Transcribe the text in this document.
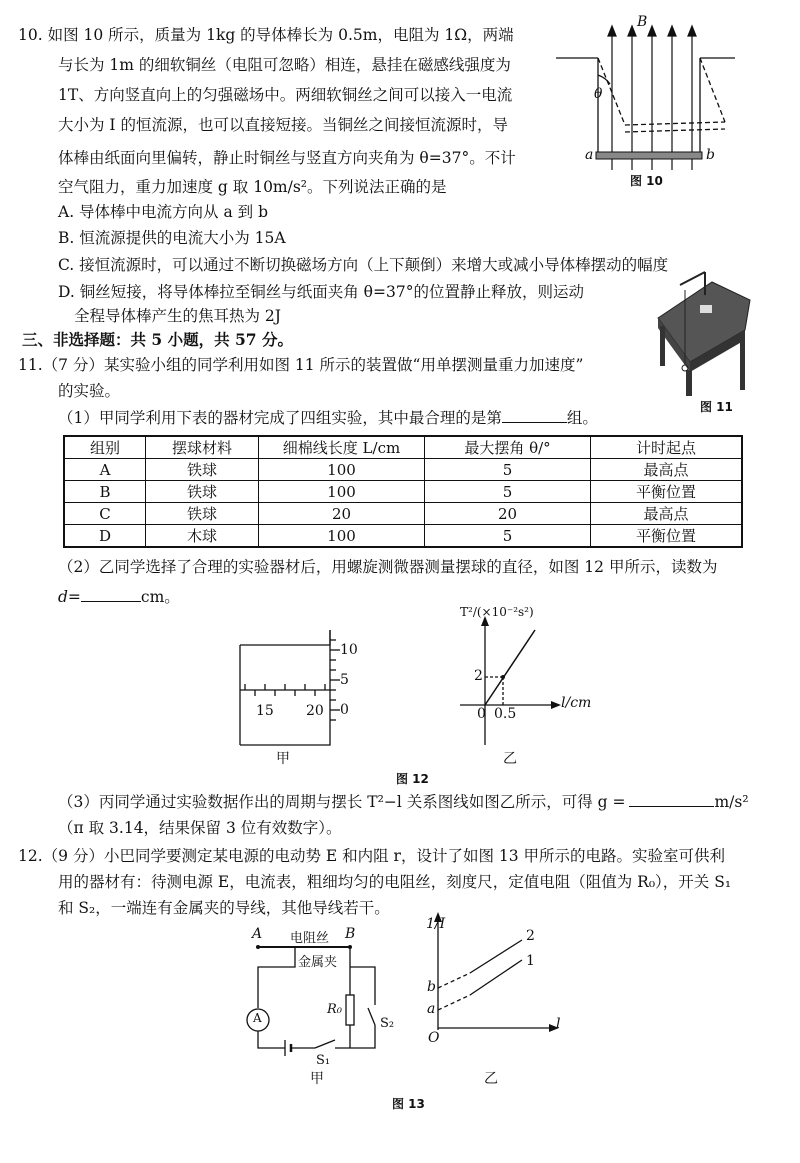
10. 如图 10 所示，质量为 1kg 的导体棒长为 0.5m，电阻为 1Ω，两端
与长为 1m 的细软铜丝（电阻可忽略）相连，悬挂在磁感线强度为
1T、方向竖直向上的匀强磁场中。两细软铜丝之间可以接入一电流
大小为 I 的恒流源，也可以直接短接。当铜丝之间接恒流源时，导
体棒由纸面向里偏转，静止时铜丝与竖直方向夹角为 θ=37°。不计
空气阻力，重力加速度 g 取 10m/s²。下列说法正确的是
A. 导体棒中电流方向从 a 到 b
B. 恒流源提供的电流大小为 15A
C. 接恒流源时，可以通过不断切换磁场方向（上下颠倒）来增大或减小导体棒摆动的幅度
D. 铜丝短接，将导体棒拉至铜丝与纸面夹角 θ=37°的位置静止释放，则运动
全程导体棒产生的焦耳热为 2J
B
θ
a	b
图 10
三、非选择题：共 5 小题，共 57 分。
11.（7 分）某实验小组的同学利用如图 11 所示的装置做“用单摆测量重力加速度”
的实验。
（1）甲同学利用下表的器材完成了四组实验，其中最合理的是第	组。
图 11
组别	摆球材料	细棉线长度 L/cm	最大摆角 θ/°	计时起点
A	铁球	100	5	最高点
B	铁球	100	5	平衡位置
C	铁球	20	20	最高点
D	木球	100	5	平衡位置
（2）乙同学选择了合理的实验器材后，用螺旋测微器测量摆球的直径，如图 12 甲所示，读数为
d=	cm。
10
5
0
15 20
甲
T²/(×10⁻²s²)
2
0 0.5
l/cm
乙
图 12
（3）丙同学通过实验数据作出的周期与摆长 T²−l 关系图线如图乙所示，可得 g =	m/s²
（π 取 3.14，结果保留 3 位有效数字）。
12.（9 分）小巴同学要测定某电源的电动势 E 和内阻 r，设计了如图 13 甲所示的电路。实验室可供利
用的器材有：待测电源 E，电流表，粗细均匀的电阻丝，刻度尺，定值电阻（阻值为 R₀），开关 S₁
和 S₂，一端连有金属夹的导线，其他导线若干。
A	B
电阻丝
金属夹
A
R₀
S₂
S₁
甲
1/I
b
a
O
l
2
1
乙
图 13
